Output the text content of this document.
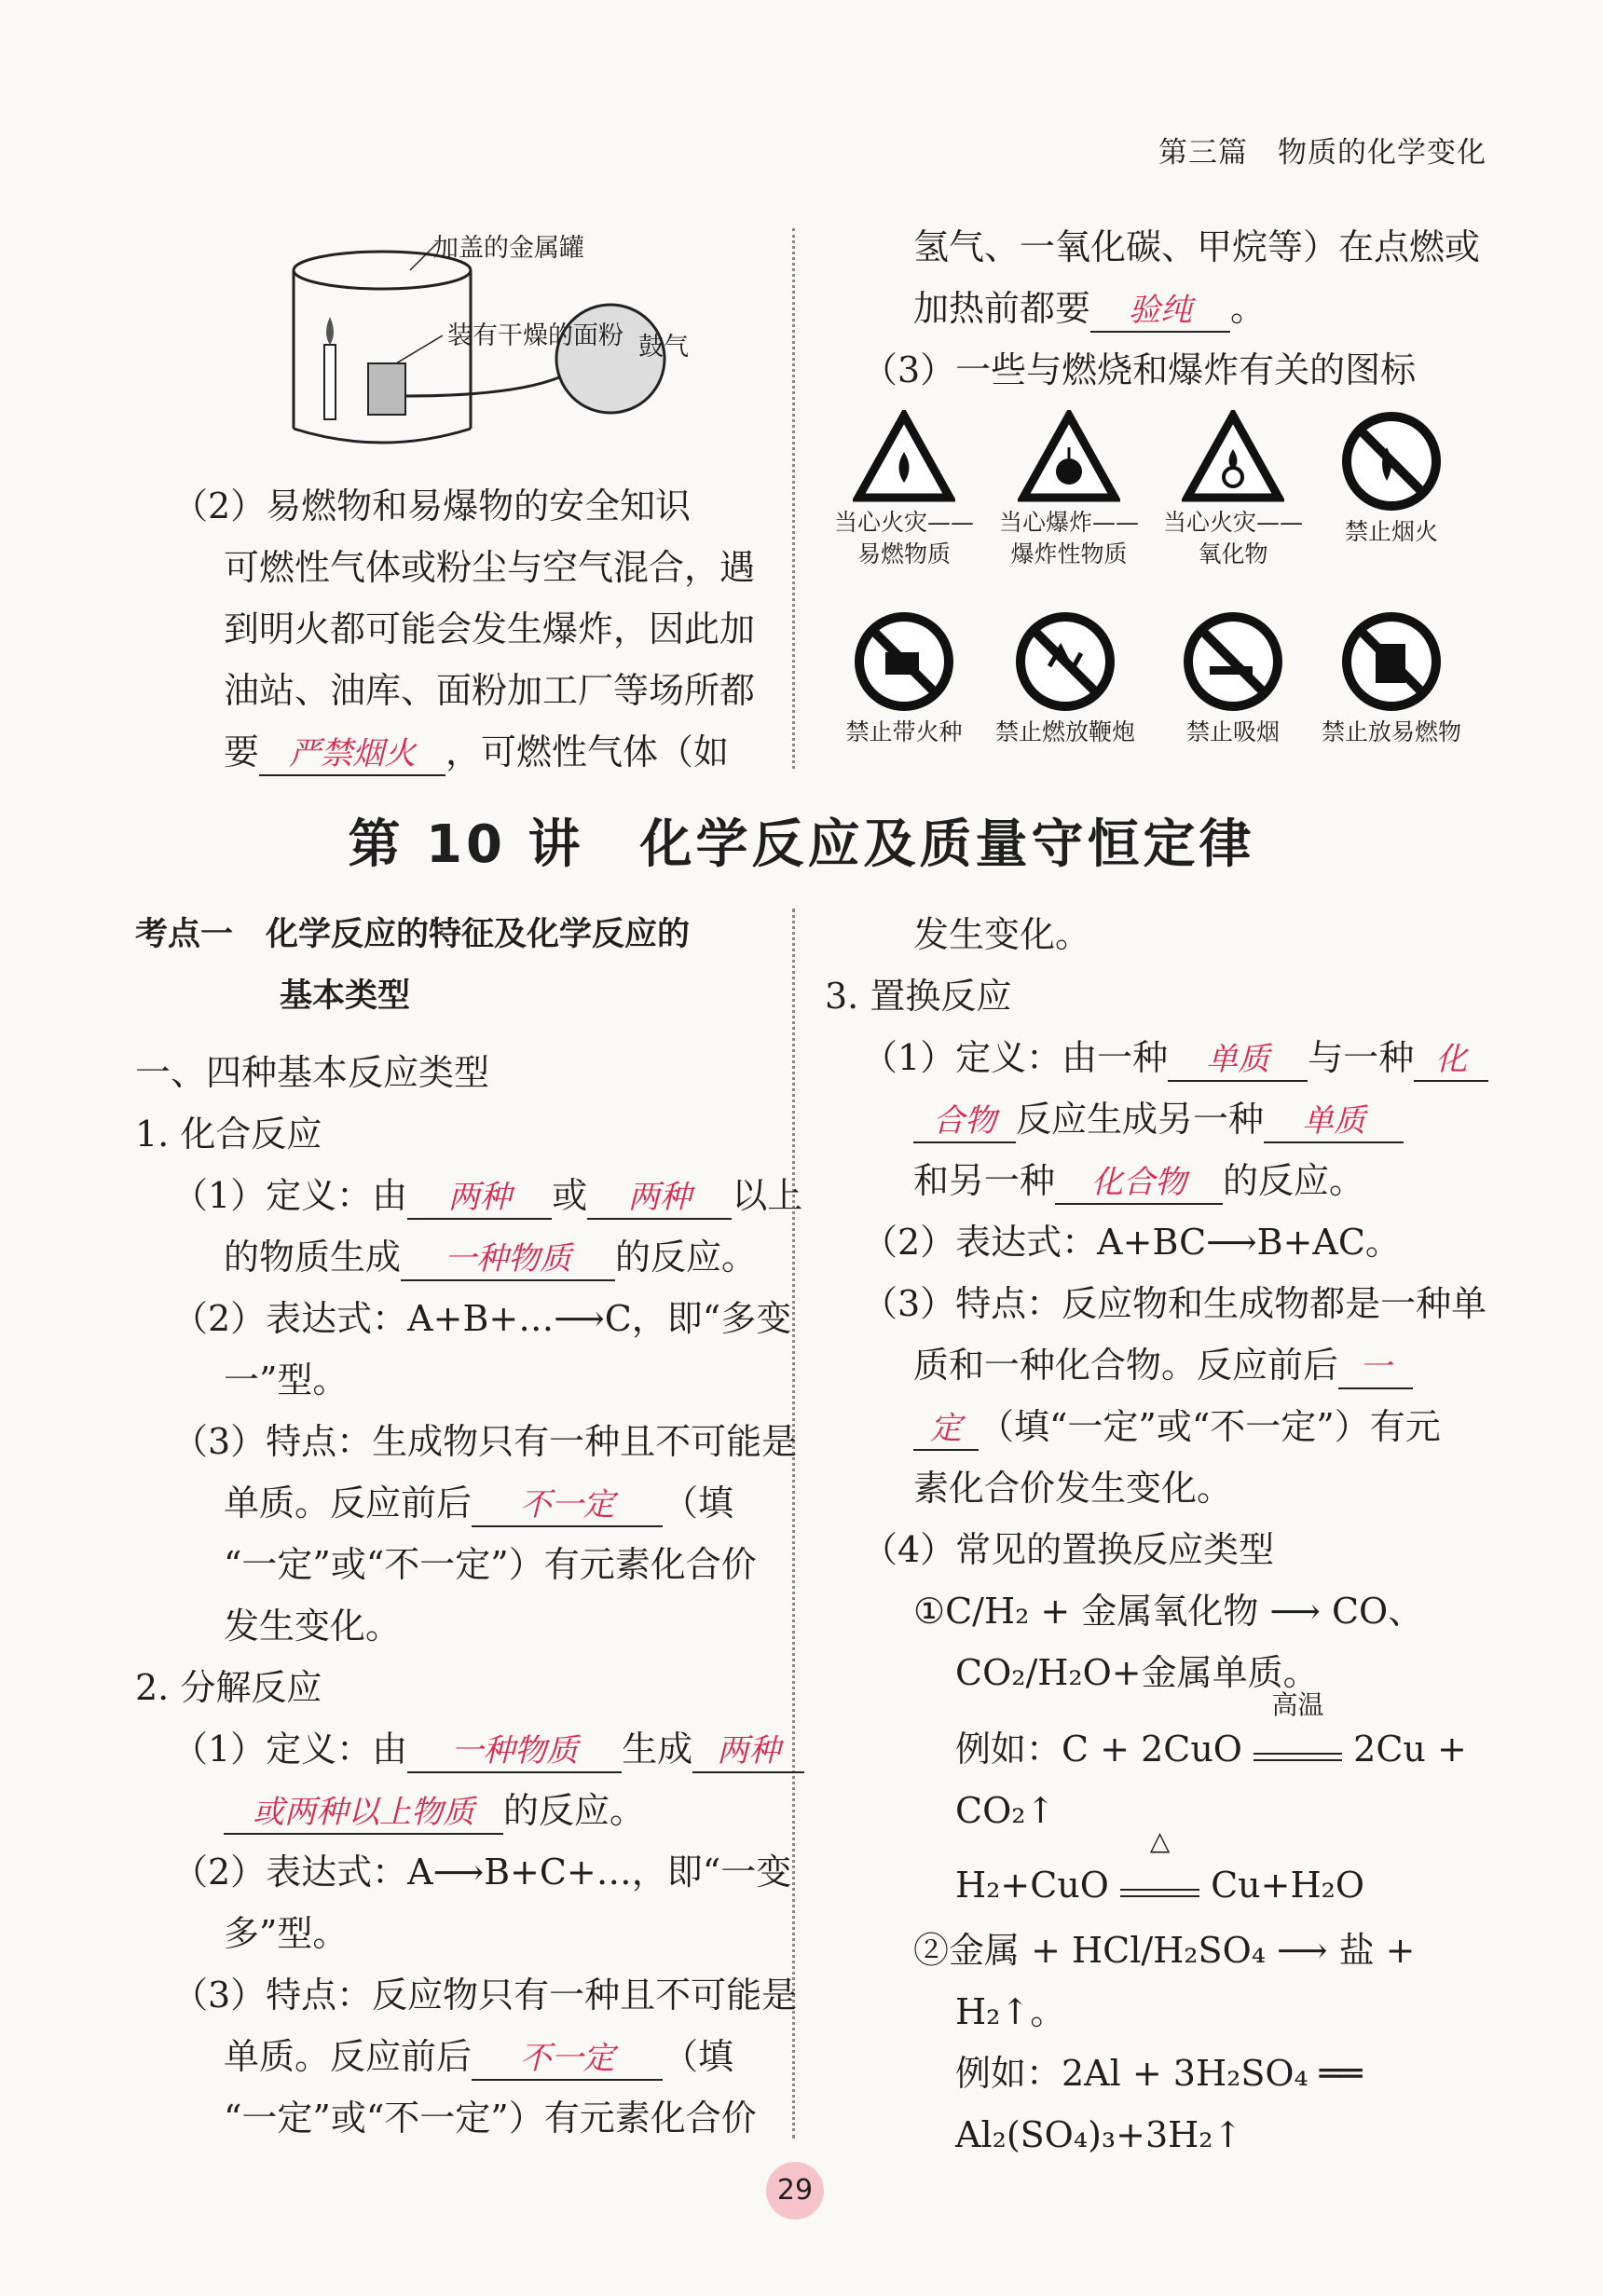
第三篇　 物质的化学变化
加盖的金属罐
装有干燥的面粉 鼓气
（2）易燃物和易爆物的安全知识
可燃性气体或粉尘与空气混合，遇
到明火都可能会发生爆炸，因此加
油站、油库、面粉加工厂等场所都
要 严禁烟火 ，可燃性气体（如
氢气、一氧化碳、甲烷等）在点燃或
加热前都要 验纯 。
（3）一些与燃烧和爆炸有关的图标
当心火灾——
易燃物质
当心爆炸——
爆炸性物质
当心火灾——
氧化物
禁止烟火
禁止带火种	禁止燃放鞭炮	禁止吸烟	禁止放易燃物
第 10 讲　化学反应及质量守恒定律
考点一　化学反应的特征及化学反应的
基本类型
一、四种基本反应类型
1. 化合反应
（1）定义：由 两种 或 两种 以上
的物质生成 一种物质 的反应。
（2）表达式：A+B+…⟶C，即“多变
一”型。
（3）特点：生成物只有一种且不可能是
单质。反应前后 不一定 （填
“一定”或“不一定”）有元素化合价
发生变化。
2. 分解反应
（1）定义：由 一种物质 生成 两种
或两种以上物质 的反应。
（2）表达式：A⟶B+C+…，即“一变
多”型。
（3）特点：反应物只有一种且不可能是
单质。反应前后 不一定 （填
“一定”或“不一定”）有元素化合价
发生变化。
3. 置换反应
（1）定义：由一种 单质 与一种 化
合物 反应生成另一种 单质
和另一种 化合物 的反应。
（2）表达式：A+BC⟶B+AC。
（3）特点：反应物和生成物都是一种单
质和一种化合物。反应前后 一
定 （填“一定”或“不一定”）有元
素化合价发生变化。
（4）常见的置换反应类型
①C/H₂ + 金属氧化物 ⟶ CO、
CO₂/H₂O+金属单质。
例如：C + 2CuO
高温
2Cu +
CO₂↑
H₂+CuO
△
Cu+H₂O
②金属 + HCl/H₂SO₄ ⟶ 盐 +
H₂↑。
例如：2Al + 3H₂SO₄ ══
Al₂(SO₄)₃+3H₂↑
29
